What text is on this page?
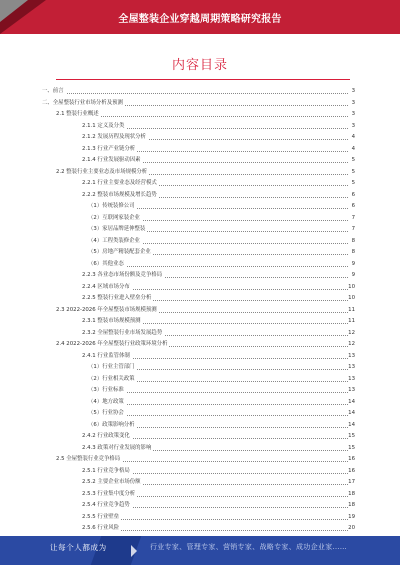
全屋整装企业穿越周期策略研究报告
内容目录
一、前言	3
二、全屋整装行业市场分析及预测	3
2.1 整装行业概述	3
2.1.1 定义及分类	3
2.1.2 发展历程及现状分析	4
2.1.3 行业产业链分析	4
2.1.4 行业发展驱动因素	5
2.2 整装行业主要业态及市场规模分析	5
2.2.1 行业主要业态及经营模式	5
2.2.2 整装市场规模及增长趋势	6
（1）传统装修公司	6
（2）互联网家装企业	7
（3）家居品牌延伸整装	7
（4）工程类装修企业	8
（5）房地产精装配套企业	8
（6）其他业态	9
2.2.3 各业态市场份额及竞争格局	9
2.2.4 区域市场分布	10
2.2.5 整装行业进入壁垒分析	10
2.3 2022-2026 年全屋整装市场规模预测	11
2.3.1 整装市场规模预测	11
2.3.2 全屋整装行业市场发展趋势	12
2.4 2022-2026 年全屋整装行业政策环境分析	12
2.4.1 行业监管体制	13
（1）行业主管部门	13
（2）行业相关政策	13
（3）行业标准	13
（4）地方政策	14
（5）行业协会	14
（6）政策影响分析	14
2.4.2 行业政策变化	15
2.4.3 政策对行业发展的影响	15
2.5 全屋整装行业竞争格局	16
2.5.1 行业竞争格局	16
2.5.2 主要企业市场份额	17
2.5.3 行业集中度分析	18
2.5.4 行业竞争趋势	18
2.5.5 行业壁垒	19
2.5.6 行业风险	20
让每个人都成为	行业专家、管理专家、营销专家、战略专家、成功企业家……
